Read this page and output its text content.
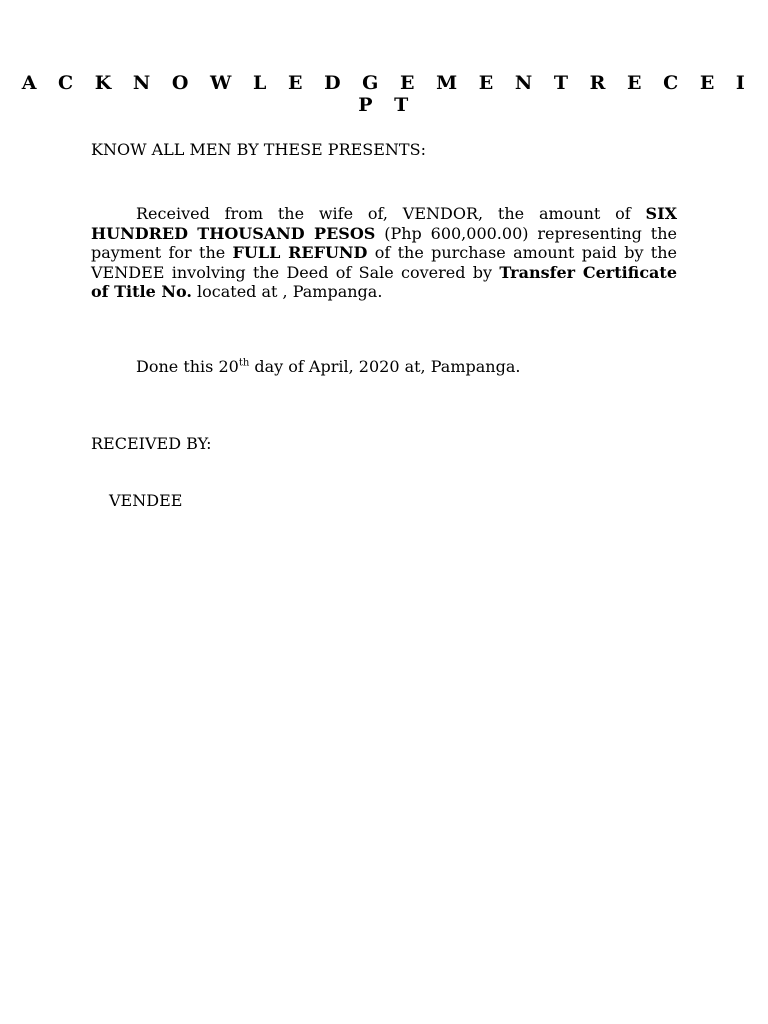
A C K N O W L E D G E M E N T R E C E I P T
KNOW ALL MEN BY THESE PRESENTS:

Received from the wife of, VENDOR, the amount of SIX HUNDRED THOUSAND PESOS (Php 600,000.00) representing the payment for the FULL REFUND of the purchase amount paid by the VENDEE involving the Deed of Sale covered by Transfer Certificate of Title No. located at , Pampanga.

Done this 20th day of April, 2020 at, Pampanga.
RECEIVED BY:
VENDEE
